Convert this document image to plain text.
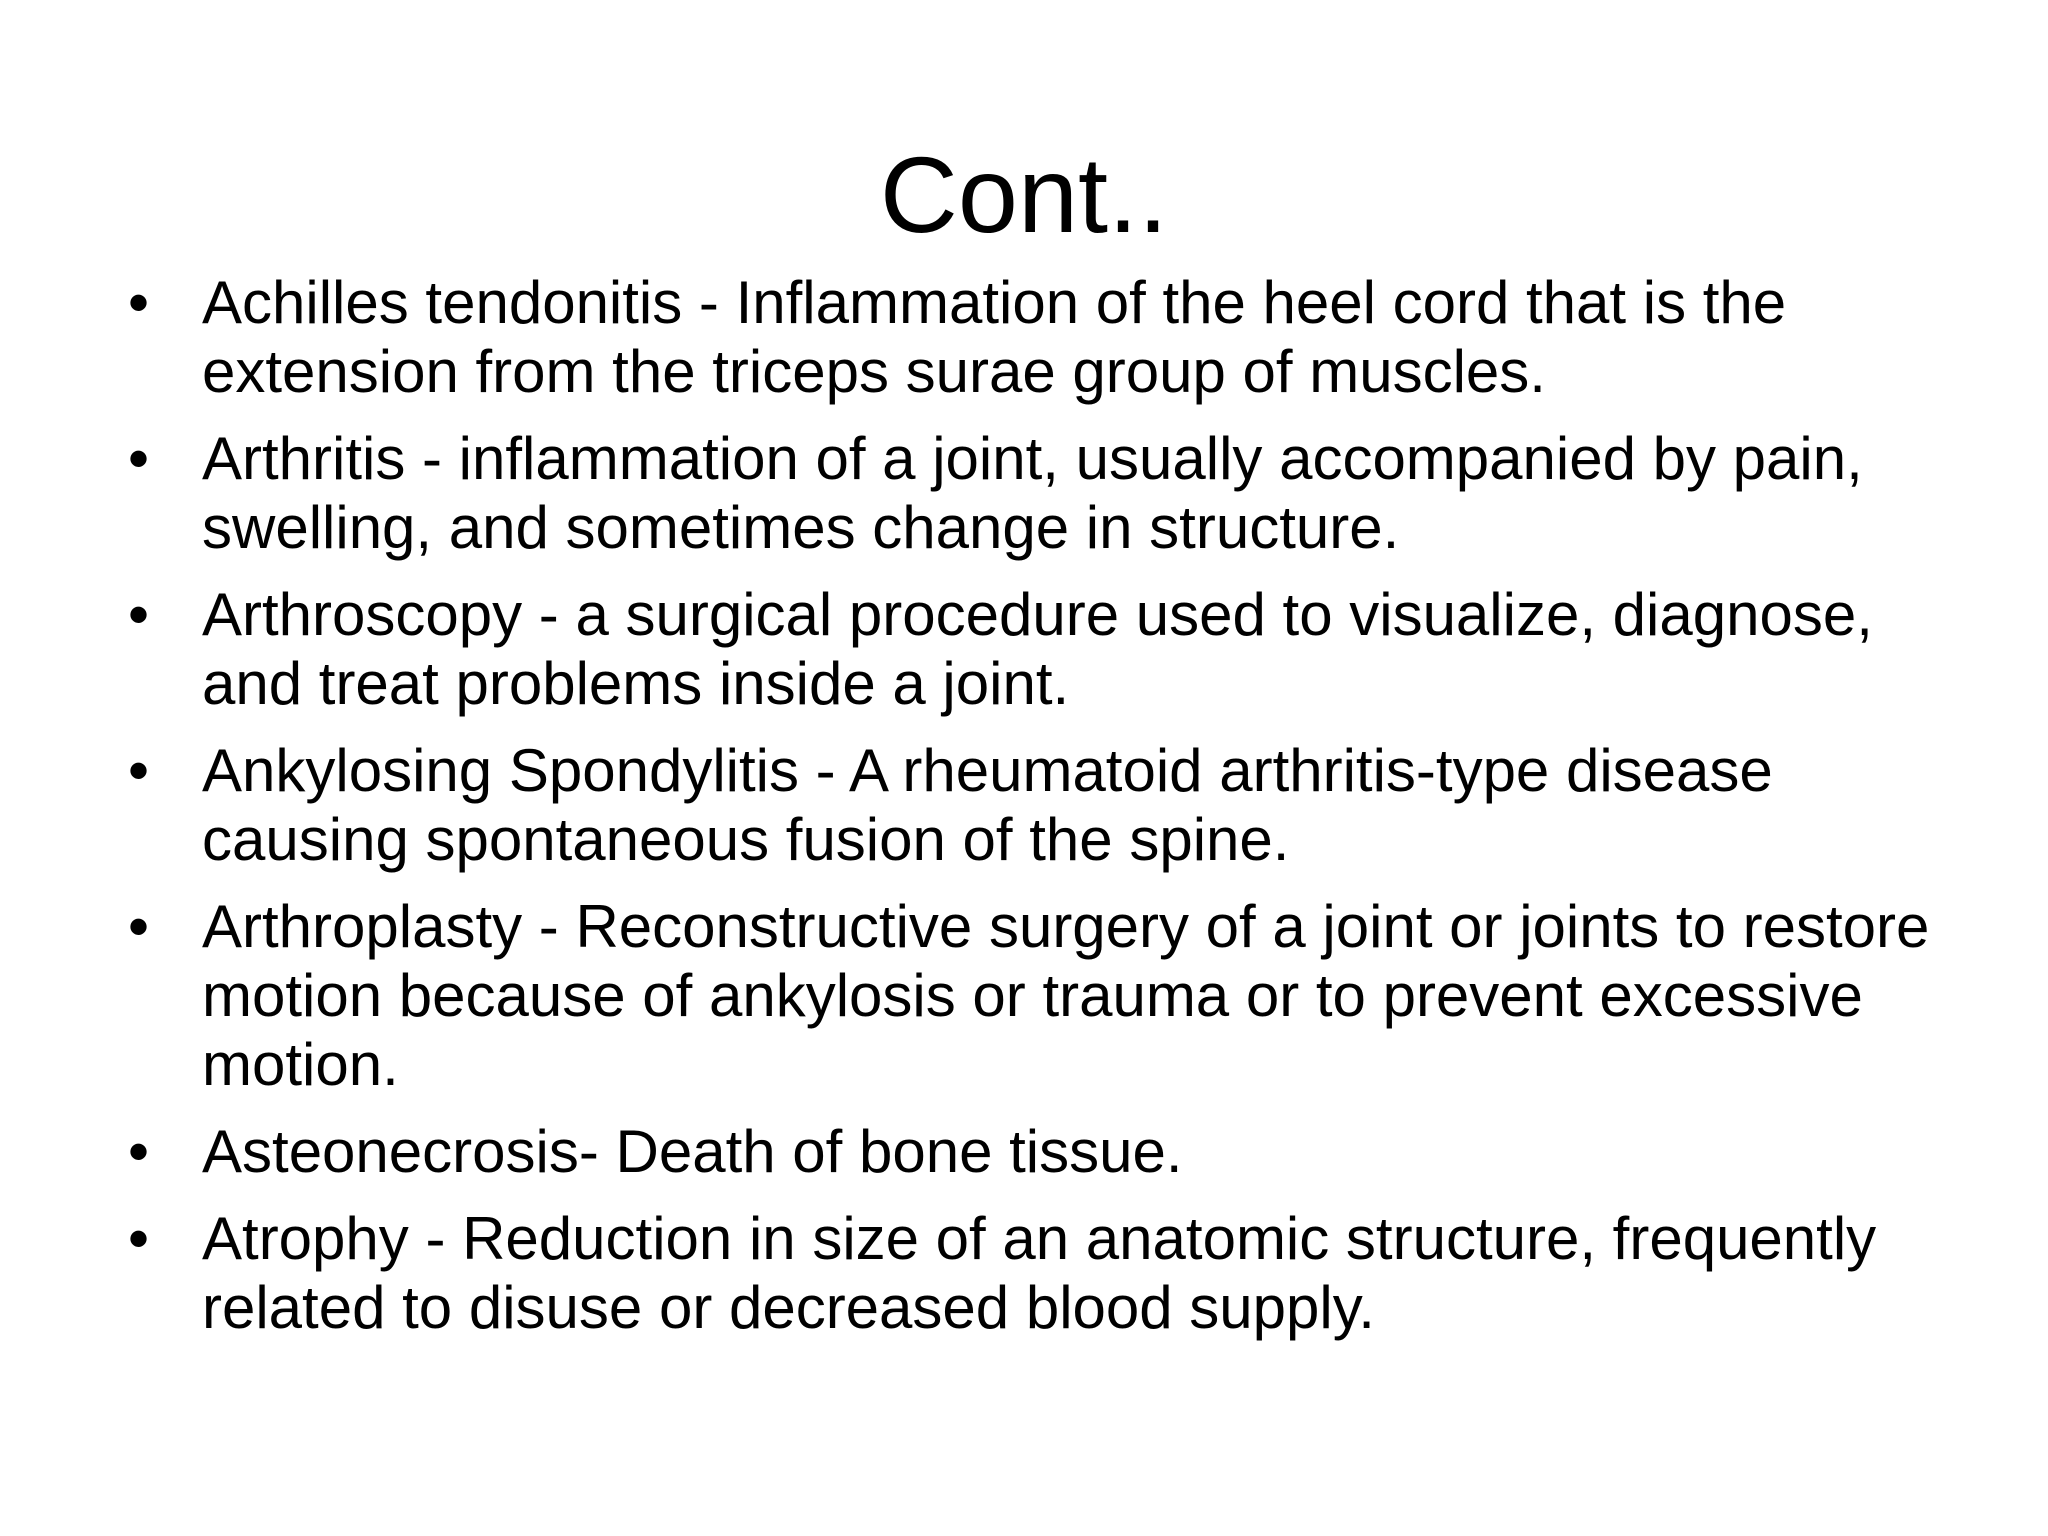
Cont..
• Achilles tendonitis - Inflammation of the heel cord that is the extension from the triceps surae group of muscles.
• Arthritis - inflammation of a joint, usually accompanied by pain, swelling, and sometimes change in structure.
• Arthroscopy - a surgical procedure used to visualize, diagnose, and treat problems inside a joint.
• Ankylosing Spondylitis - A rheumatoid arthritis-type disease causing spontaneous fusion of the spine.
• Arthroplasty - Reconstructive surgery of a joint or joints to restore motion because of ankylosis or trauma or to prevent excessive motion.
• Asteonecrosis- Death of bone tissue.
• Atrophy - Reduction in size of an anatomic structure, frequently related to disuse or decreased blood supply.
